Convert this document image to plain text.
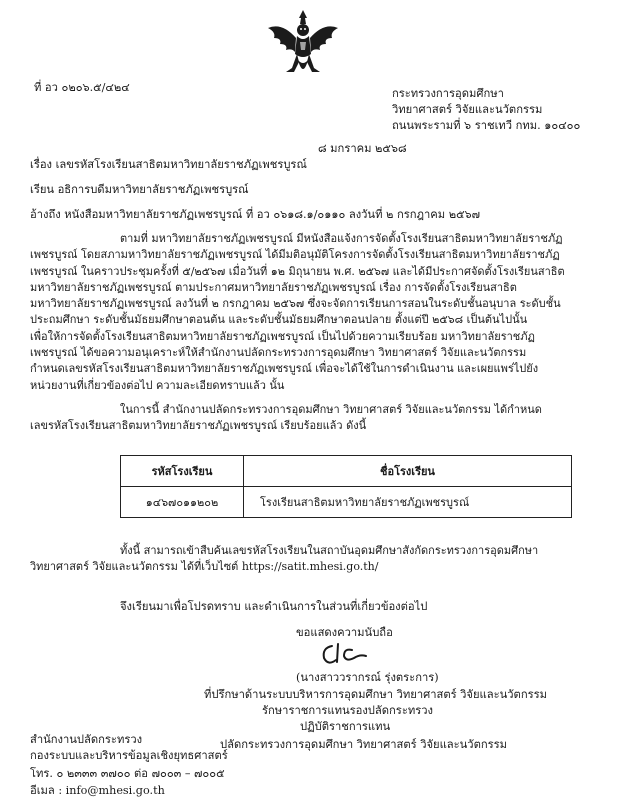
ที่ อว ๐๒๐๖.๕/๔๒๔	กระทรวงการอุดมศึกษา
วิทยาศาสตร์ วิจัยและนวัตกรรม
ถนนพระรามที่ ๖ ราชเทวี กทม. ๑๐๔๐๐
๘ มกราคม ๒๕๖๘
เรื่อง เลขรหัสโรงเรียนสาธิตมหาวิทยาลัยราชภัฏเพชรบูรณ์
เรียน อธิการบดีมหาวิทยาลัยราชภัฏเพชรบูรณ์
อ้างถึง หนังสือมหาวิทยาลัยราชภัฏเพชรบูรณ์ ที่ อว ๐๖๑๘.๑/๐๑๑๐ ลงวันที่ ๒ กรกฎาคม ๒๕๖๗
ตามที่ มหาวิทยาลัยราชภัฏเพชรบูรณ์ มีหนังสือแจ้งการจัดตั้งโรงเรียนสาธิตมหาวิทยาลัยราชภัฏ
เพชรบูรณ์ โดยสภามหาวิทยาลัยราชภัฏเพชรบูรณ์ ได้มีมติอนุมัติโครงการจัดตั้งโรงเรียนสาธิตมหาวิทยาลัยราชภัฏ
เพชรบูรณ์ ในคราวประชุมครั้งที่ ๕/๒๕๖๗ เมื่อวันที่ ๑๒ มิถุนายน พ.ศ. ๒๕๖๗ และได้มีประกาศจัดตั้งโรงเรียนสาธิต
มหาวิทยาลัยราชภัฏเพชรบูรณ์ ตามประกาศมหาวิทยาลัยราชภัฏเพชรบูรณ์ เรื่อง การจัดตั้งโรงเรียนสาธิต
มหาวิทยาลัยราชภัฏเพชรบูรณ์ ลงวันที่ ๒ กรกฎาคม ๒๕๖๗ ซึ่งจะจัดการเรียนการสอนในระดับชั้นอนุบาล ระดับชั้น
ประถมศึกษา ระดับชั้นมัธยมศึกษาตอนต้น และระดับชั้นมัธยมศึกษาตอนปลาย ตั้งแต่ปี ๒๕๖๘ เป็นต้นไปนั้น
เพื่อให้การจัดตั้งโรงเรียนสาธิตมหาวิทยาลัยราชภัฏเพชรบูรณ์ เป็นไปด้วยความเรียบร้อย มหาวิทยาลัยราชภัฏ
เพชรบูรณ์ ได้ขอความอนุเคราะห์ให้สำนักงานปลัดกระทรวงการอุดมศึกษา วิทยาศาสตร์ วิจัยและนวัตกรรม
กำหนดเลขรหัสโรงเรียนสาธิตมหาวิทยาลัยราชภัฏเพชรบูรณ์ เพื่อจะได้ใช้ในการดำเนินงาน และเผยแพร่ไปยัง
หน่วยงานที่เกี่ยวข้องต่อไป ความละเอียดทราบแล้ว นั้น
ในการนี้ สำนักงานปลัดกระทรวงการอุดมศึกษา วิทยาศาสตร์ วิจัยและนวัตกรรม ได้กำหนด
เลขรหัสโรงเรียนสาธิตมหาวิทยาลัยราชภัฏเพชรบูรณ์ เรียบร้อยแล้ว ดังนี้
รหัสโรงเรียน	ชื่อโรงเรียน
๑๔๖๗๐๑๑๒๐๒	โรงเรียนสาธิตมหาวิทยาลัยราชภัฏเพชรบูรณ์
ทั้งนี้ สามารถเข้าสืบค้นเลขรหัสโรงเรียนในสถาบันอุดมศึกษาสังกัดกระทรวงการอุดมศึกษา
วิทยาศาสตร์ วิจัยและนวัตกรรม ได้ที่เว็บไซต์ https://satit.mhesi.go.th/
จึงเรียนมาเพื่อโปรดทราบ และดำเนินการในส่วนที่เกี่ยวข้องต่อไป
ขอแสดงความนับถือ
(นางสาววรากรณ์ รุ่งตระการ)
ที่ปรึกษาด้านระบบบริหารการอุดมศึกษา วิทยาศาสตร์ วิจัยและนวัตกรรม
รักษาราชการแทนรองปลัดกระทรวง
ปฏิบัติราชการแทน
ปลัดกระทรวงการอุดมศึกษา วิทยาศาสตร์ วิจัยและนวัตกรรม
สำนักงานปลัดกระทรวง
กองระบบและบริหารข้อมูลเชิงยุทธศาสตร์
โทร. ๐ ๒๓๓๓ ๓๗๐๐ ต่อ ๗๐๐๓ – ๗๐๐๕
อีเมล : info@mhesi.go.th
